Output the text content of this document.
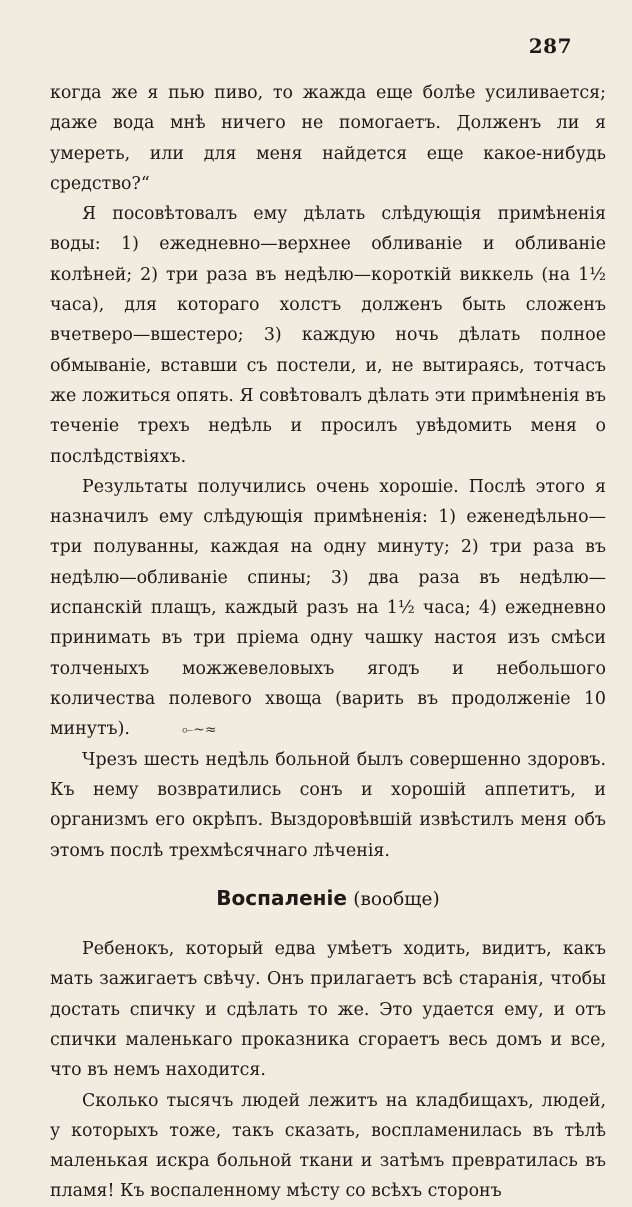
287

когда же я пью пиво, то жажда еще болѣе усиливается; даже вода мнѣ ничего не помогаетъ. Долженъ ли я умереть, или для меня найдется еще какое-нибудь средство?“

Я посовѣтовалъ ему дѣлать слѣдующія примѣненія воды: 1) ежедневно—верхнее обливаніе и обливаніе колѣней; 2) три раза въ недѣлю—короткій виккель (на 1½ часа), для котораго холстъ долженъ быть сложенъ вчетверо—вшестеро; 3) каждую ночь дѣлать полное обмываніе, вставши съ постели, и, не вытираясь, тотчасъ же ложиться опять. Я совѣтовалъ дѣлать эти примѣненія въ теченіе трехъ недѣль и просилъ увѣдомить меня о послѣдствіяхъ.

Результаты получились очень хорошіе. Послѣ этого я назначилъ ему слѣдующія примѣненія: 1) еженедѣльно—три полуванны, каждая на одну минуту; 2) три раза въ недѣлю—обливаніе спины; 3) два раза въ недѣлю—испанскій плащъ, каждый разъ на 1½ часа; 4) ежедневно принимать въ три пріема одну чашку настоя изъ смѣси толченыхъ можжевеловыхъ ягодъ и небольшого количества полевого хвоща (варить въ продолженіе 10 минутъ).	⟜~≈

Чрезъ шесть недѣль больной былъ совершенно здоровъ. Къ нему возвратились сонъ и хорошій аппетитъ, и организмъ его окрѣпъ. Выздоровѣвшій извѣстилъ меня объ этомъ послѣ трехмѣсячнаго лѣченія.

Воспаленіе (вообще)

Ребенокъ, который едва умѣетъ ходить, видитъ, какъ мать зажигаетъ свѣчу. Онъ прилагаетъ всѣ старанія, чтобы достать спичку и сдѣлать то же. Это удается ему, и отъ спички маленькаго проказника сгораетъ весь домъ и все, что въ немъ находится.

Сколько тысячъ людей лежитъ на кладбищахъ, людей, у которыхъ тоже, такъ сказать, воспламенилась въ тѣлѣ маленькая искра больной ткани и затѣмъ превратилась въ пламя! Къ воспаленному мѣсту со всѣхъ сторонъ
